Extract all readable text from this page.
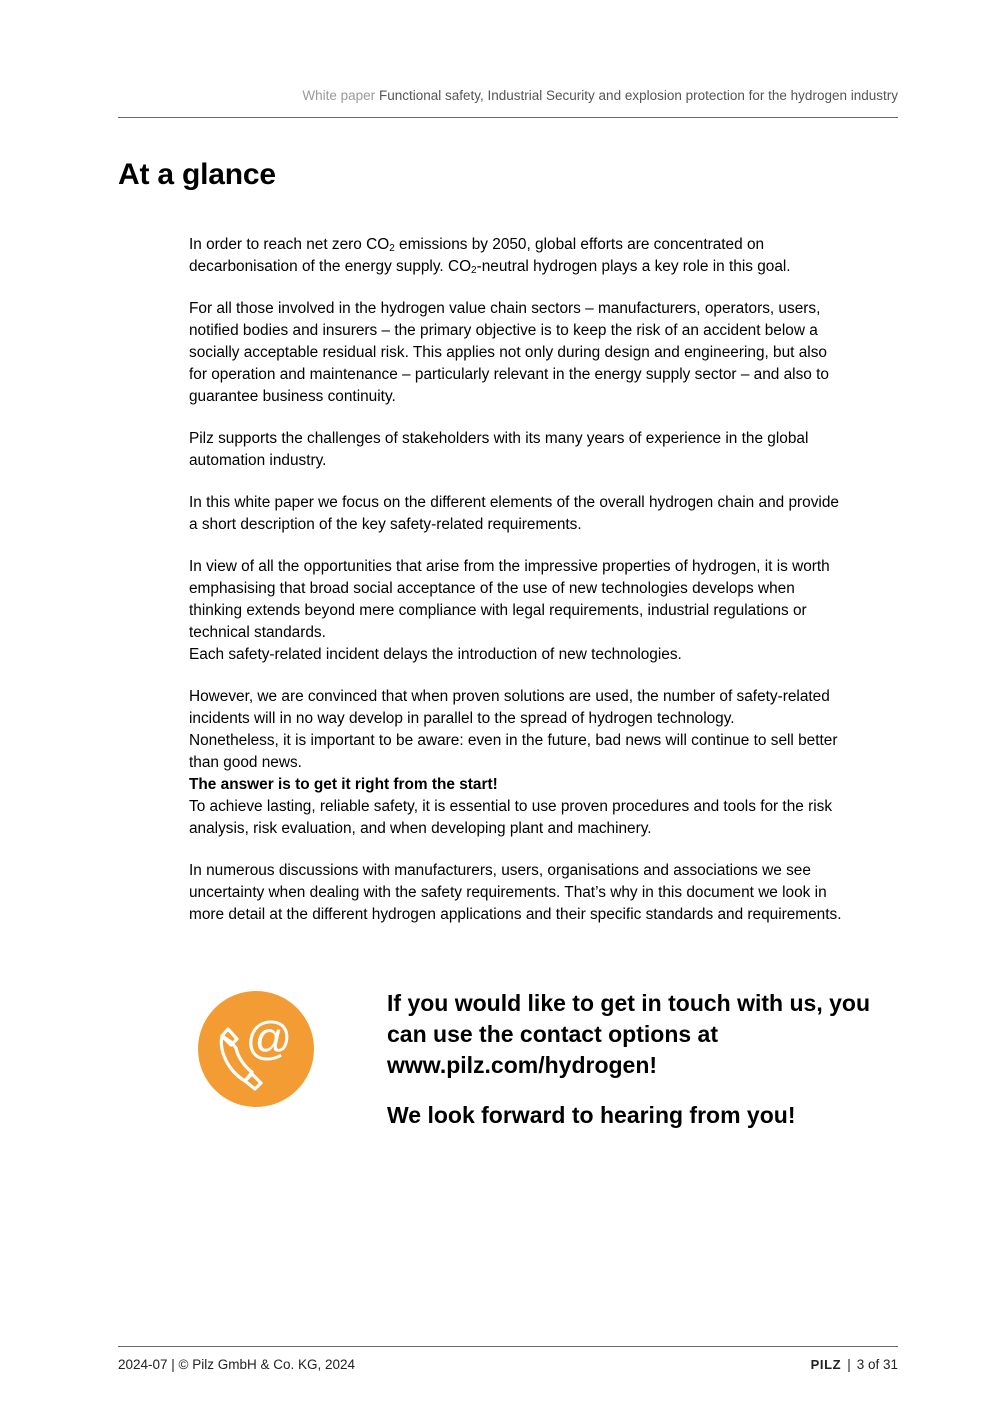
White paper Functional safety, Industrial Security and explosion protection for the hydrogen industry
At a glance

In order to reach net zero $CO_2$ emissions by 2050, global efforts are concentrated on
decarbonisation of the energy supply. $CO_2$-neutral hydrogen plays a key role in this goal.

For all those involved in the hydrogen value chain sectors – manufacturers, operators, users,
notified bodies and insurers – the primary objective is to keep the risk of an accident below a
socially acceptable residual risk. This applies not only during design and engineering, but also
for operation and maintenance – particularly relevant in the energy supply sector – and also to
guarantee business continuity.

Pilz supports the challenges of stakeholders with its many years of experience in the global
automation industry.

In this white paper we focus on the different elements of the overall hydrogen chain and provide
a short description of the key safety-related requirements.

In view of all the opportunities that arise from the impressive properties of hydrogen, it is worth
emphasising that broad social acceptance of the use of new technologies develops when
thinking extends beyond mere compliance with legal requirements, industrial regulations or
technical standards.
Each safety-related incident delays the introduction of new technologies.

However, we are convinced that when proven solutions are used, the number of safety-related
incidents will in no way develop in parallel to the spread of hydrogen technology.
Nonetheless, it is important to be aware: even in the future, bad news will continue to sell better
than good news.
The answer is to get it right from the start!
To achieve lasting, reliable safety, it is essential to use proven procedures and tools for the risk
analysis, risk evaluation, and when developing plant and machinery.

In numerous discussions with manufacturers, users, organisations and associations we see
uncertainty when dealing with the safety requirements. That’s why in this document we look in
more detail at the different hydrogen applications and their specific standards and requirements.

@
If you would like to get in touch with us, you
can use the contact options at
www.pilz.com/hydrogen!
We look forward to hearing from you!
2024-07 | © Pilz GmbH & Co. KG, 2024	PILZ | 3 of 31
